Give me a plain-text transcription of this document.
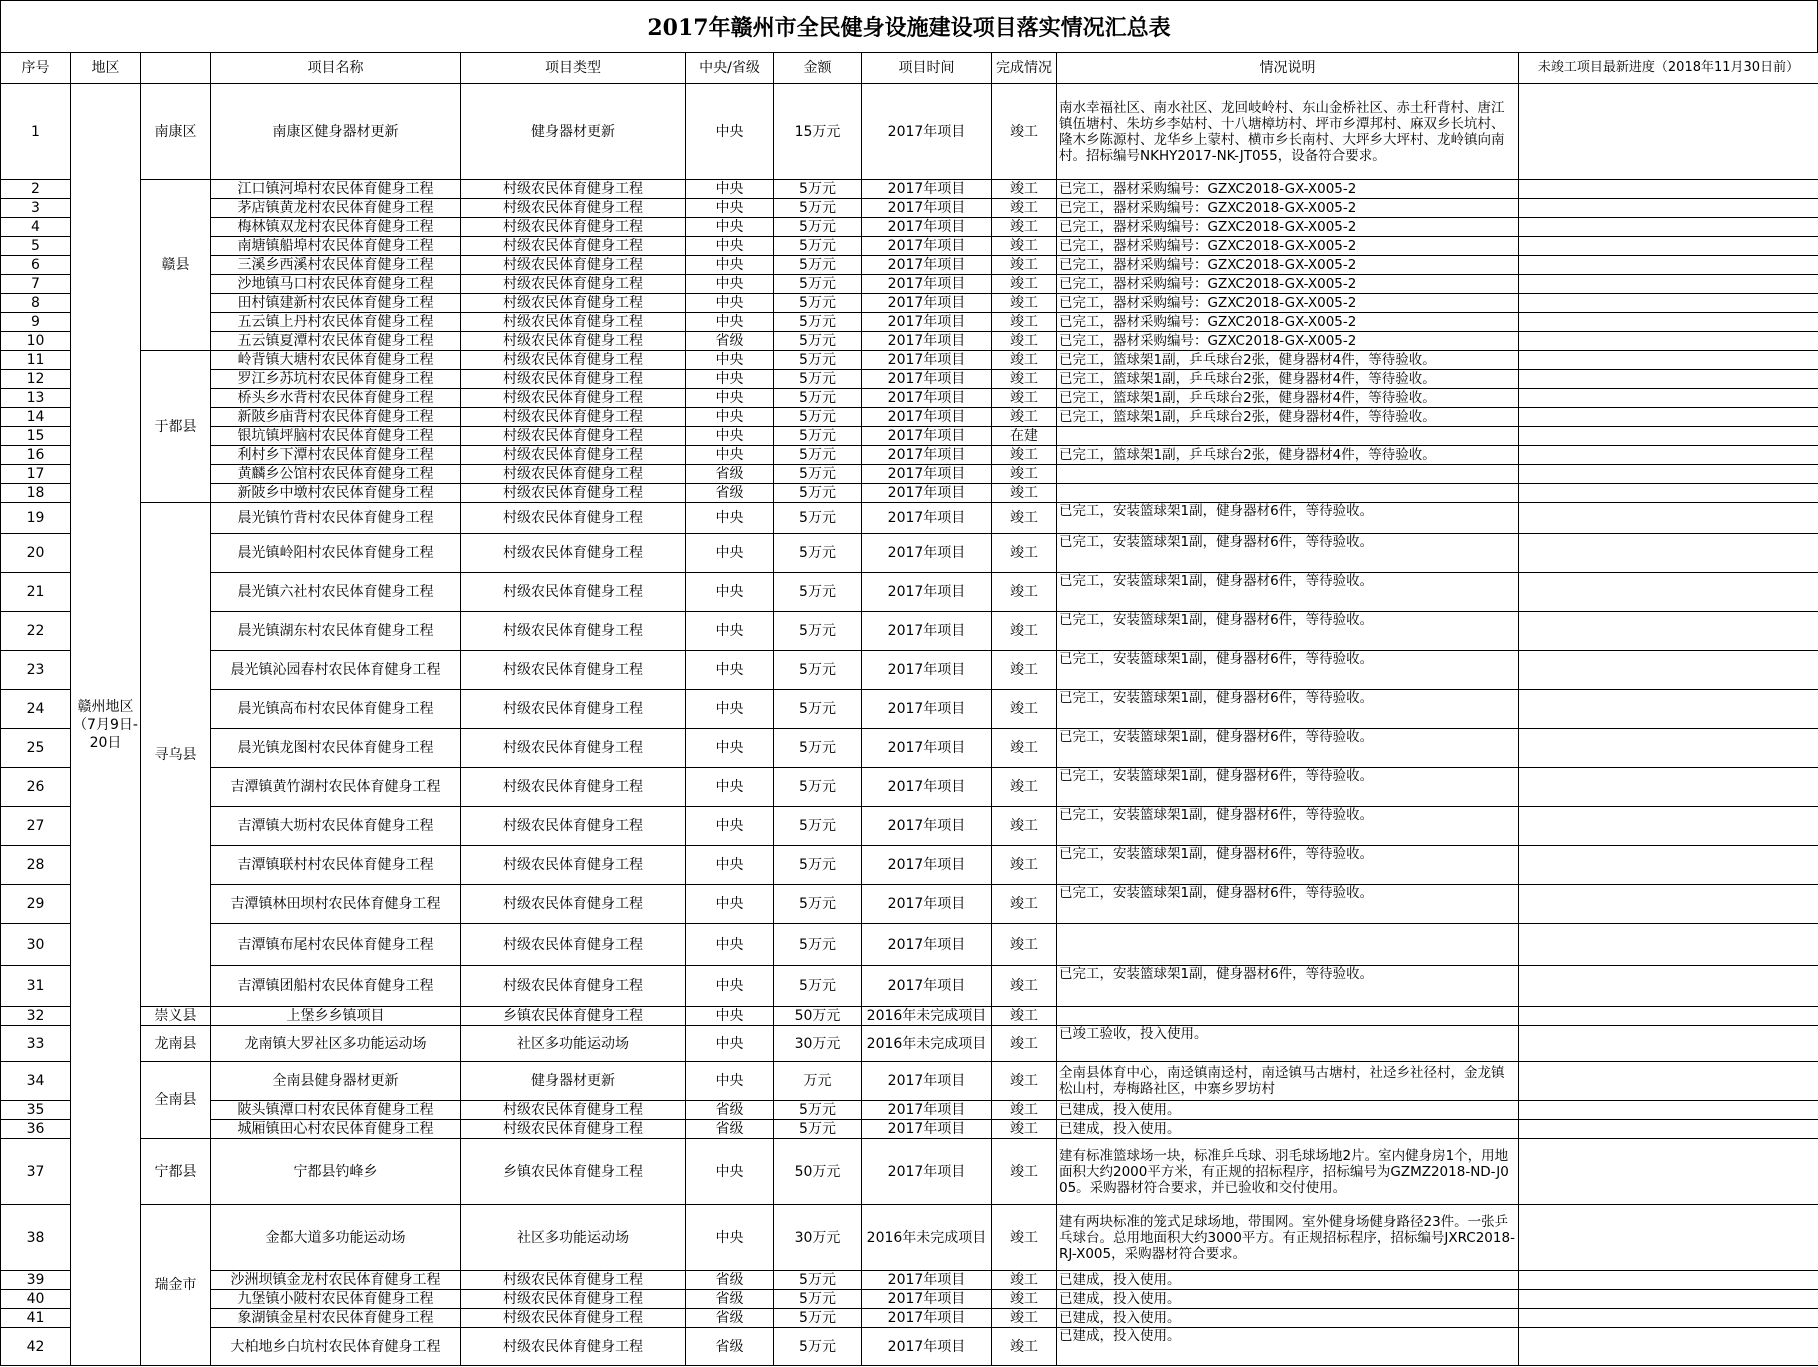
2017年赣州市全民健身设施建设项目落实情况汇总表
序号	地区		项目名称	项目类型	中央/省级	金额	项目时间	完成情况	情况说明	未竣工项目最新进度（2018年11月30日前）
1	赣州地区（7月9日-20日	南康区	南康区健身器材更新	健身器材更新	中央	15万元	2017年项目	竣工	南水幸福社区、南水社区、龙回岐岭村、东山金桥社区、赤土秆背村、唐江镇伍塘村、朱坊乡李姑村、十八塘樟坊村、坪市乡潭邦村、麻双乡长坑村、隆木乡陈源村、龙华乡上蒙村、横市乡长南村、大坪乡大坪村、龙岭镇向南村。招标编号NKHY2017-NK-JT055，设备符合要求。	
2		赣县	江口镇河埠村农民体育健身工程	村级农民体育健身工程	中央	5万元	2017年项目	竣工	已完工，器材采购编号：GZXC2018-GX-X005-2	
3			茅店镇黄龙村农民体育健身工程	村级农民体育健身工程	中央	5万元	2017年项目	竣工	已完工，器材采购编号：GZXC2018-GX-X005-2	
4			梅林镇双龙村农民体育健身工程	村级农民体育健身工程	中央	5万元	2017年项目	竣工	已完工，器材采购编号：GZXC2018-GX-X005-2	
5			南塘镇船埠村农民体育健身工程	村级农民体育健身工程	中央	5万元	2017年项目	竣工	已完工，器材采购编号：GZXC2018-GX-X005-2	
6			三溪乡西溪村农民体育健身工程	村级农民体育健身工程	中央	5万元	2017年项目	竣工	已完工，器材采购编号：GZXC2018-GX-X005-2	
7			沙地镇马口村农民体育健身工程	村级农民体育健身工程	中央	5万元	2017年项目	竣工	已完工，器材采购编号：GZXC2018-GX-X005-2	
8			田村镇建新村农民体育健身工程	村级农民体育健身工程	中央	5万元	2017年项目	竣工	已完工，器材采购编号：GZXC2018-GX-X005-2	
9			五云镇上丹村农民体育健身工程	村级农民体育健身工程	中央	5万元	2017年项目	竣工	已完工，器材采购编号：GZXC2018-GX-X005-2	
10			五云镇夏潭村农民体育健身工程	村级农民体育健身工程	省级	5万元	2017年项目	竣工	已完工，器材采购编号：GZXC2018-GX-X005-2	
11		于都县	岭背镇大塘村农民体育健身工程	村级农民体育健身工程	中央	5万元	2017年项目	竣工	已完工，篮球架1副，乒乓球台2张，健身器材4件，等待验收。	
12			罗江乡苏坑村农民体育健身工程	村级农民体育健身工程	中央	5万元	2017年项目	竣工	已完工，篮球架1副，乒乓球台2张，健身器材4件，等待验收。	
13			桥头乡水背村农民体育健身工程	村级农民体育健身工程	中央	5万元	2017年项目	竣工	已完工，篮球架1副，乒乓球台2张，健身器材4件，等待验收。	
14			新陂乡庙背村农民体育健身工程	村级农民体育健身工程	中央	5万元	2017年项目	竣工	已完工，篮球架1副，乒乓球台2张，健身器材4件，等待验收。	
15			银坑镇坪脑村农民体育健身工程	村级农民体育健身工程	中央	5万元	2017年项目	在建		
16			利村乡下潭村农民体育健身工程	村级农民体育健身工程	中央	5万元	2017年项目	竣工	已完工，篮球架1副，乒乓球台2张，健身器材4件，等待验收。	
17			黄麟乡公馆村农民体育健身工程	村级农民体育健身工程	省级	5万元	2017年项目	竣工		
18			新陂乡中墩村农民体育健身工程	村级农民体育健身工程	省级	5万元	2017年项目	竣工		
19		寻乌县	晨光镇竹背村农民体育健身工程	村级农民体育健身工程	中央	5万元	2017年项目	竣工	已完工，安装篮球架1副，健身器材6件，等待验收。	
20			晨光镇岭阳村农民体育健身工程	村级农民体育健身工程	中央	5万元	2017年项目	竣工	已完工，安装篮球架1副，健身器材6件，等待验收。	
21			晨光镇六社村农民体育健身工程	村级农民体育健身工程	中央	5万元	2017年项目	竣工	已完工，安装篮球架1副，健身器材6件，等待验收。	
22			晨光镇湖东村农民体育健身工程	村级农民体育健身工程	中央	5万元	2017年项目	竣工	已完工，安装篮球架1副，健身器材6件，等待验收。	
23			晨光镇沁园春村农民体育健身工程	村级农民体育健身工程	中央	5万元	2017年项目	竣工	已完工，安装篮球架1副，健身器材6件，等待验收。	
24			晨光镇高布村农民体育健身工程	村级农民体育健身工程	中央	5万元	2017年项目	竣工	已完工，安装篮球架1副，健身器材6件，等待验收。	
25			晨光镇龙图村农民体育健身工程	村级农民体育健身工程	中央	5万元	2017年项目	竣工	已完工，安装篮球架1副，健身器材6件，等待验收。	
26			吉潭镇黄竹湖村农民体育健身工程	村级农民体育健身工程	中央	5万元	2017年项目	竣工	已完工，安装篮球架1副，健身器材6件，等待验收。	
27			吉潭镇大坜村农民体育健身工程	村级农民体育健身工程	中央	5万元	2017年项目	竣工	已完工，安装篮球架1副，健身器材6件，等待验收。	
28			吉潭镇联村村农民体育健身工程	村级农民体育健身工程	中央	5万元	2017年项目	竣工	已完工，安装篮球架1副，健身器材6件，等待验收。	
29			吉潭镇林田坝村农民体育健身工程	村级农民体育健身工程	中央	5万元	2017年项目	竣工	已完工，安装篮球架1副，健身器材6件，等待验收。	
30			吉潭镇布尾村农民体育健身工程	村级农民体育健身工程	中央	5万元	2017年项目	竣工		
31			吉潭镇团船村农民体育健身工程	村级农民体育健身工程	中央	5万元	2017年项目	竣工	已完工，安装篮球架1副，健身器材6件，等待验收。	
32		崇义县	上堡乡乡镇项目	乡镇农民体育健身工程	中央	50万元	2016年未完成项目	竣工		
33		龙南县	龙南镇大罗社区多功能运动场	社区多功能运动场	中央	30万元	2016年未完成项目	竣工	已竣工验收，投入使用。	
34		全南县	全南县健身器材更新	健身器材更新	中央	万元	2017年项目	竣工	全南县体育中心，南迳镇南迳村，南迳镇马古塘村，社迳乡社径村，金龙镇松山村，寿梅路社区，中寨乡罗坊村	
35			陂头镇潭口村农民体育健身工程	村级农民体育健身工程	省级	5万元	2017年项目	竣工	已建成，投入使用。	
36			城厢镇田心村农民体育健身工程	村级农民体育健身工程	省级	5万元	2017年项目	竣工	已建成，投入使用。	
37		宁都县	宁都县钓峰乡	乡镇农民体育健身工程	中央	50万元	2017年项目	竣工	建有标准篮球场一块，标准乒乓球、羽毛球场地2片。室内健身房1个，用地面积大约2000平方米，有正规的招标程序，招标编号为GZMZ2018-ND-J005。采购器材符合要求，并已验收和交付使用。	
38		瑞金市	金都大道多功能运动场	社区多功能运动场	中央	30万元	2016年未完成项目	竣工	建有两块标准的笼式足球场地，带围网。室外健身场健身路径23件。一张乒乓球台。总用地面积大约3000平方。有正规招标程序，招标编号JXRC2018-RJ-X005，采购器材符合要求。	
39			沙洲坝镇金龙村农民体育健身工程	村级农民体育健身工程	省级	5万元	2017年项目	竣工	已建成，投入使用。	
40			九堡镇小陂村农民体育健身工程	村级农民体育健身工程	省级	5万元	2017年项目	竣工	已建成，投入使用。	
41			象湖镇金星村农民体育健身工程	村级农民体育健身工程	省级	5万元	2017年项目	竣工	已建成，投入使用。	
42			大柏地乡白坑村农民体育健身工程	村级农民体育健身工程	省级	5万元	2017年项目	竣工	已建成，投入使用。	
